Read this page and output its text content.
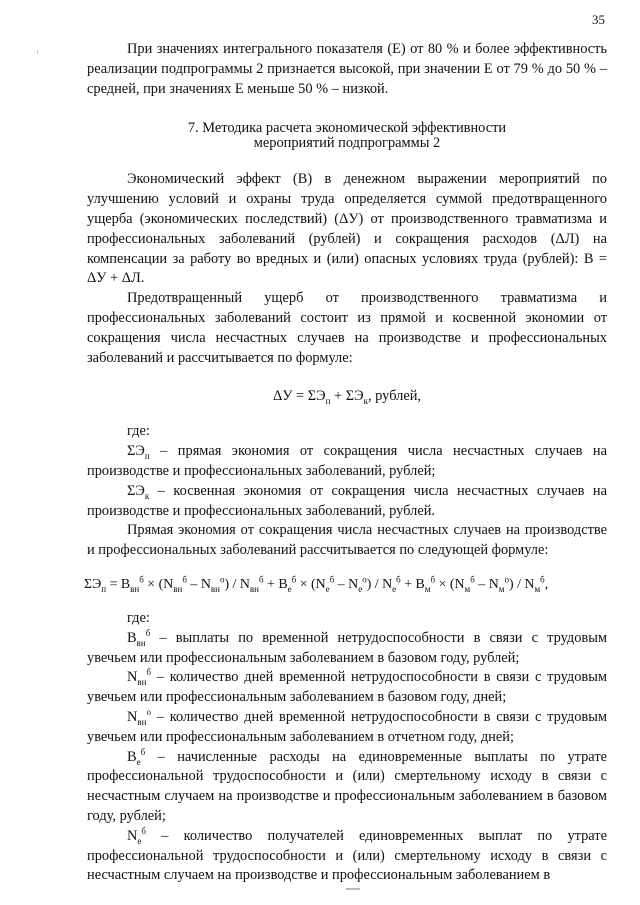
35

При значениях интегрального показателя (Е) от 80 % и более эффективность реализации подпрограммы 2 признается высокой, при значении Е от 79 % до 50 % – средней, при значениях Е меньше 50 % – низкой.

7. Методика расчета экономической эффективности
мероприятий подпрограммы 2

Экономический эффект (В) в денежном выражении мероприятий по улучшению условий и охраны труда определяется суммой предотвращенного ущерба (экономических последствий) (ΔУ) от производственного травматизма и профессиональных заболеваний (рублей) и сокращения расходов (ΔЛ) на компенсации за работу во вредных и (или) опасных условиях труда (рублей): В = ΔУ + ΔЛ.

Предотвращенный ущерб от производственного травматизма и профессиональных заболеваний состоит из прямой и косвенной экономии от сокращения числа несчастных случаев на производстве и профессиональных заболеваний и рассчитывается по формуле:

$\Delta У = \Sigma Э_п + \Sigma Э_к$, рублей,

где:

$\Sigma Э_п$ – прямая экономия от сокращения числа несчастных случаев на производстве и профессиональных заболеваний, рублей;

$\Sigma Э_к$ – косвенная экономия от сокращения числа несчастных случаев на производстве и профессиональных заболеваний, рублей.

Прямая экономия от сокращения числа несчастных случаев на производстве и профессиональных заболеваний рассчитывается по следующей формуле:

$\Sigma Э_п = В_{вн}^б \times (N_{вн}^б - N_{вн}^о) / N_{вн}^б + В_е^б \times (N_е^б - N_е^о) / N_е^б + В_м^б \times (N_м^б - N_м^о) / N_м^б$,

где:

$В_{вн}^б$ – выплаты по временной нетрудоспособности в связи с трудовым увечьем или профессиональным заболеванием в базовом году, рублей;

$N_{вн}^б$ – количество дней временной нетрудоспособности в связи с трудовым увечьем или профессиональным заболеванием в базовом году, дней;

$N_{вн}^о$ – количество дней временной нетрудоспособности в связи с трудовым увечьем или профессиональным заболеванием в отчетном году, дней;

$В_е^б$ – начисленные расходы на единовременные выплаты по утрате профессиональной трудоспособности и (или) смертельному исходу в связи с несчастным случаем на производстве и профессиональным заболеванием в базовом году, рублей;

$N_е^б$ – количество получателей единовременных выплат по утрате профессиональной трудоспособности и (или) смертельному исходу в связи с несчастным случаем на производстве и профессиональным заболеванием в
